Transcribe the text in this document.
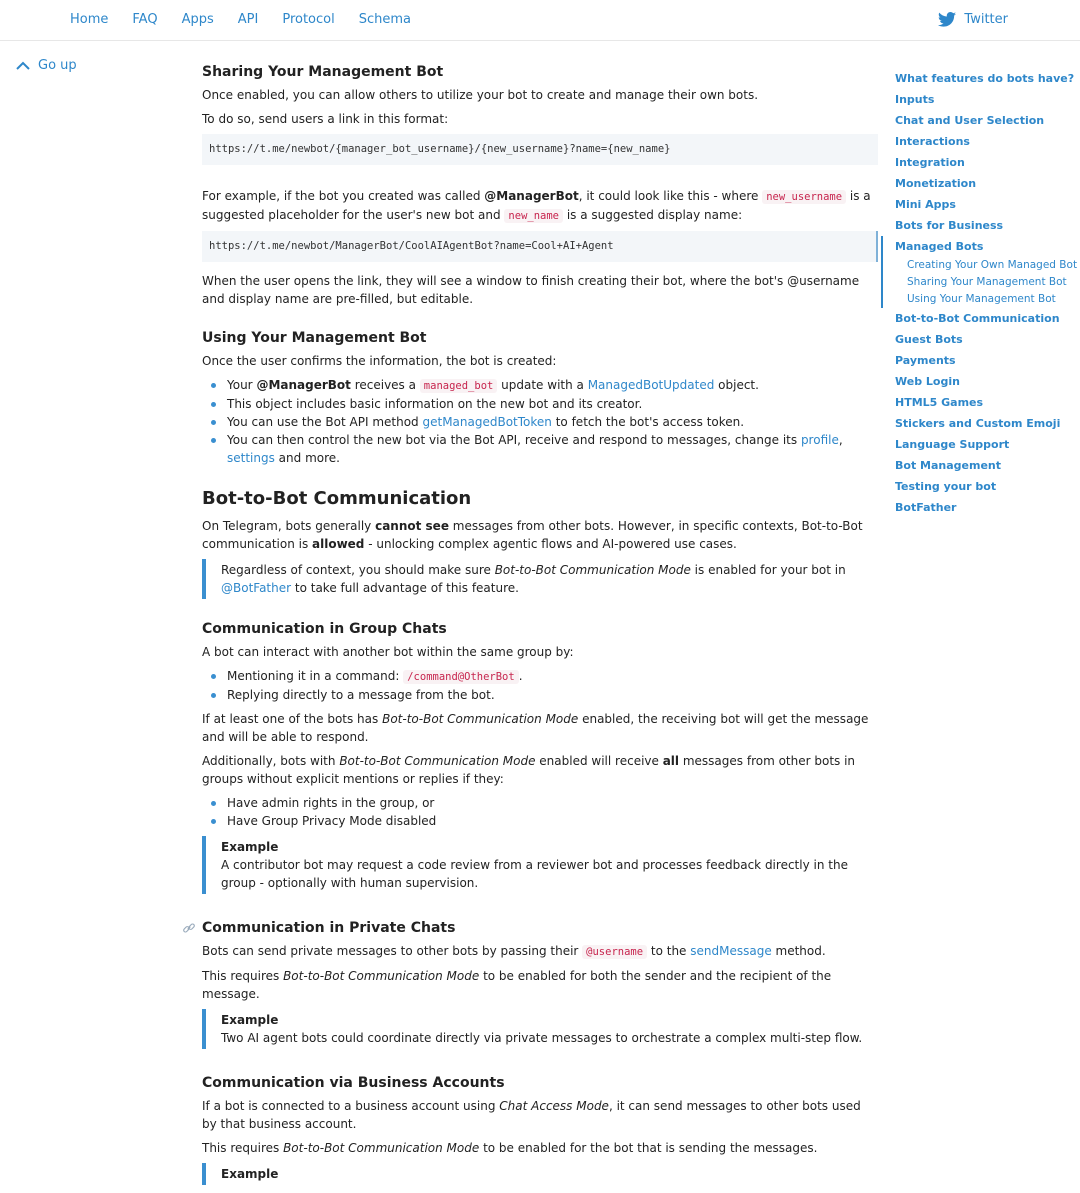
Home FAQ Apps API Protocol Schema	Twitter
Go up
What features do bots have?
Inputs
Chat and User Selection
Interactions
Integration
Monetization
Mini Apps
Bots for Business
Managed Bots
Creating Your Own Managed Bot
Sharing Your Management Bot
Using Your Management Bot
Bot-to-Bot Communication
Guest Bots
Payments
Web Login
HTML5 Games
Stickers and Custom Emoji
Language Support
Bot Management
Testing your bot
BotFather
Sharing Your Management Bot

Once enabled, you can allow others to utilize your bot to create and manage their own bots.

To do so, send users a link in this format:

https://t.me/newbot/{manager_bot_username}/{new_username}?name={new_name}

For example, if the bot you created was called @ManagerBot, it could look like this - where new_username is a suggested placeholder for the user's new bot and new_name is a suggested display name:

https://t.me/newbot/ManagerBot/CoolAIAgentBot?name=Cool+AI+Agent

When the user opens the link, they will see a window to finish creating their bot, where the bot's @username and display name are pre-filled, but editable.

Using Your Management Bot

Once the user confirms the information, the bot is created:

Your @ManagerBot receives a managed_bot update with a ManagedBotUpdated object.
This object includes basic information on the new bot and its creator.
You can use the Bot API method getManagedBotToken to fetch the bot's access token.
You can then control the new bot via the Bot API, receive and respond to messages, change its profile, settings and more.
Bot-to-Bot Communication

On Telegram, bots generally cannot see messages from other bots. However, in specific contexts, Bot-to-Bot communication is allowed - unlocking complex agentic flows and AI-powered use cases.

Regardless of context, you should make sure Bot-to-Bot Communication Mode is enabled for your bot in @BotFather to take full advantage of this feature.

Communication in Group Chats

A bot can interact with another bot within the same group by:

Mentioning it in a command: /command@OtherBot .
Replying directly to a message from the bot.

If at least one of the bots has Bot-to-Bot Communication Mode enabled, the receiving bot will get the message and will be able to respond.

Additionally, bots with Bot-to-Bot Communication Mode enabled will receive all messages from other bots in groups without explicit mentions or replies if they:

Have admin rights in the group, or
Have Group Privacy Mode disabled

Example

A contributor bot may request a code review from a reviewer bot and processes feedback directly in the group - optionally with human supervision.

Communication in Private Chats

Bots can send private messages to other bots by passing their @username to the sendMessage method.

This requires Bot-to-Bot Communication Mode to be enabled for both the sender and the recipient of the message.

Example

Two AI agent bots could coordinate directly via private messages to orchestrate a complex multi-step flow.

Communication via Business Accounts

If a bot is connected to a business account using Chat Access Mode, it can send messages to other bots used by that business account.

This requires Bot-to-Bot Communication Mode to be enabled for the bot that is sending the messages.

Example
